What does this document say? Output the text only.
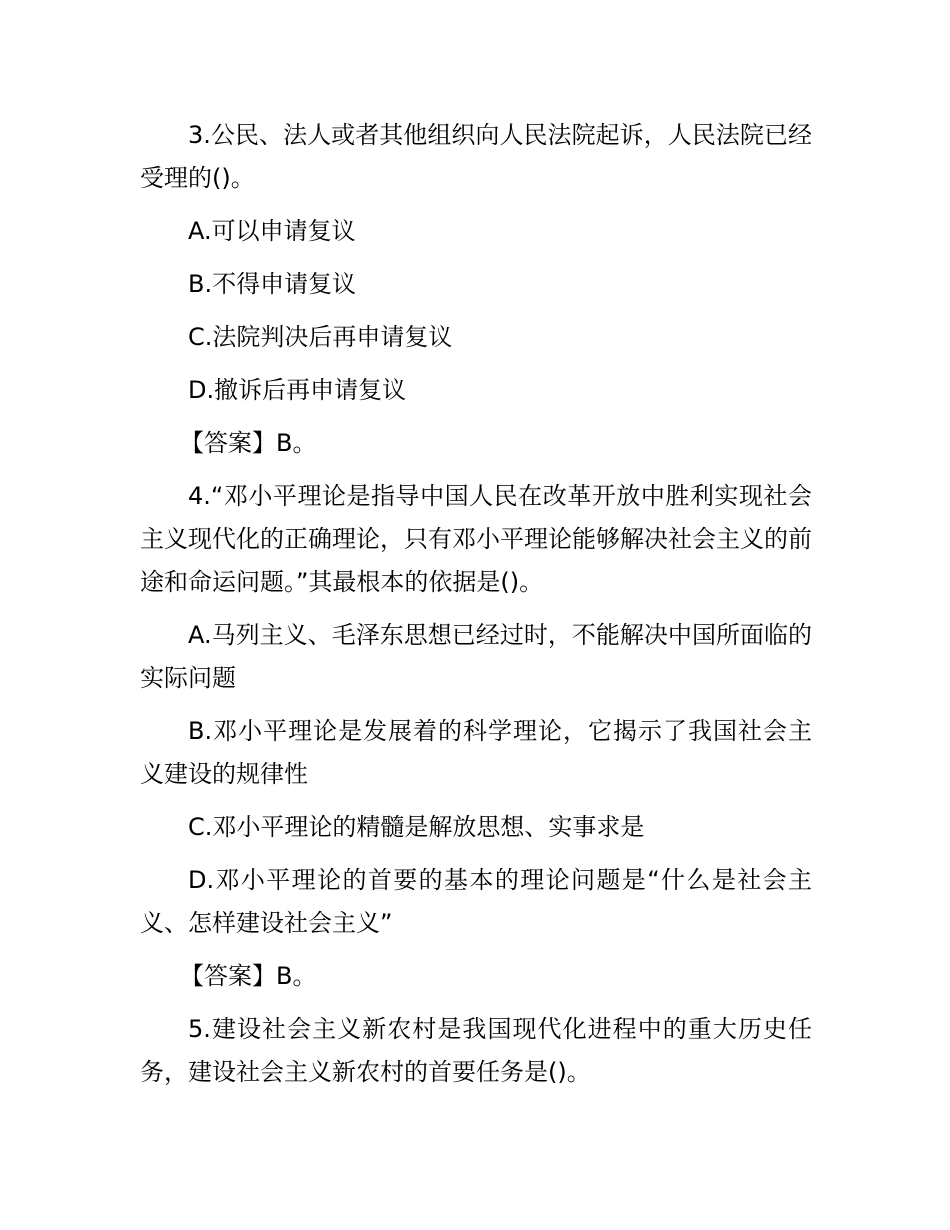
3.公民、法人或者其他组织向人民法院起诉，人民法院已经受理的()。

A.可以申请复议

B.不得申请复议

C.法院判决后再申请复议

D.撤诉后再申请复议

【答案】B。

4.“邓小平理论是指导中国人民在改革开放中胜利实现社会主义现代化的正确理论，只有邓小平理论能够解决社会主义的前途和命运问题。”其最根本的依据是()。

A.马列主义、毛泽东思想已经过时，不能解决中国所面临的实际问题

B.邓小平理论是发展着的科学理论，它揭示了我国社会主义建设的规律性

C.邓小平理论的精髓是解放思想、实事求是

D.邓小平理论的首要的基本的理论问题是“什么是社会主义、怎样建设社会主义”

【答案】B。

5.建设社会主义新农村是我国现代化进程中的重大历史任务，建设社会主义新农村的首要任务是()。
